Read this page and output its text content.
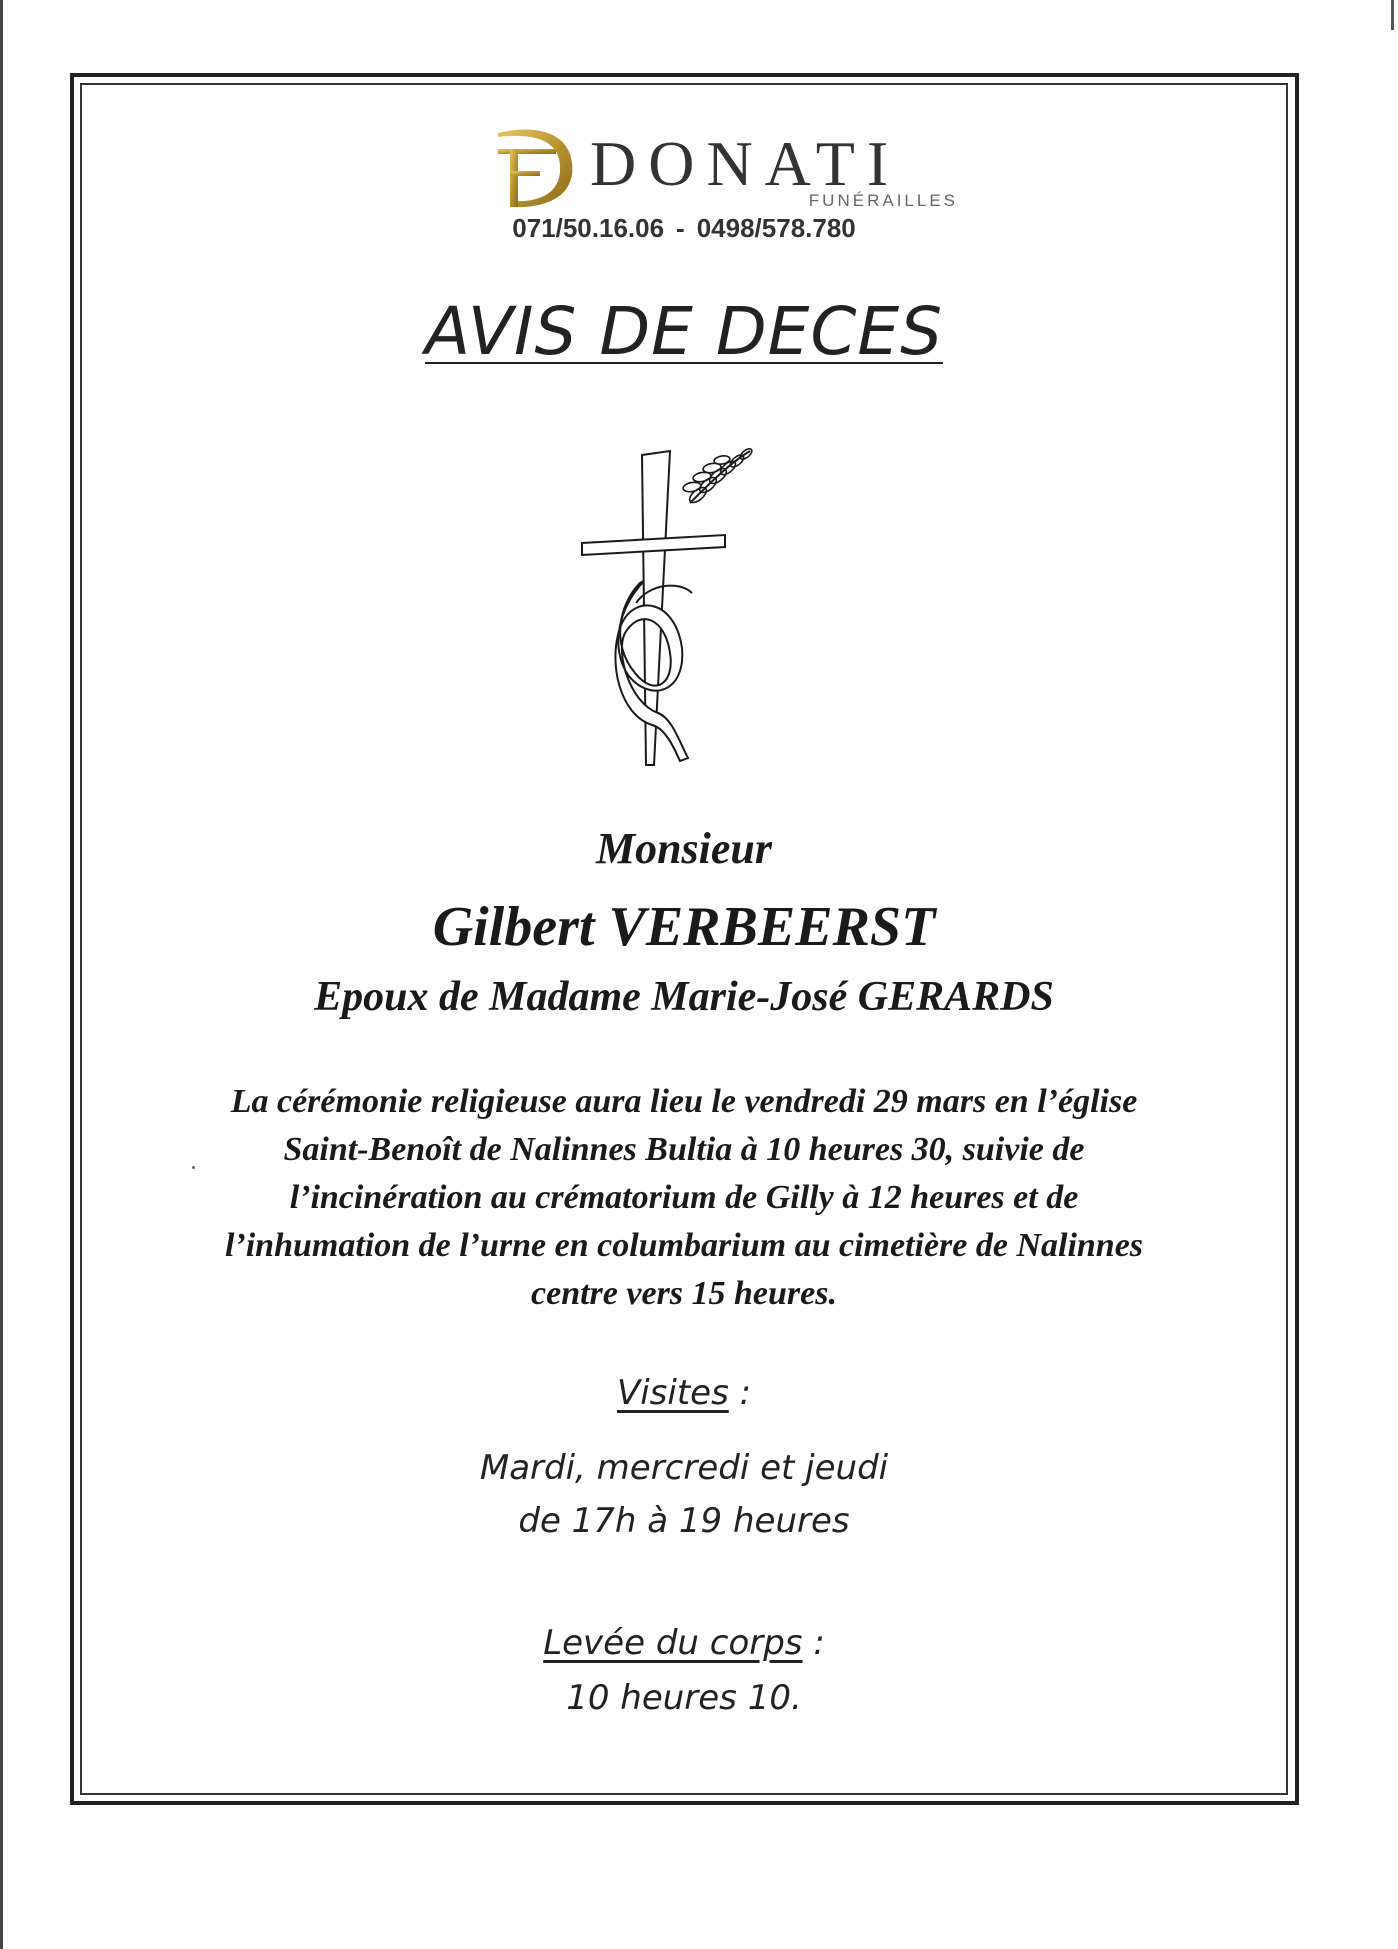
DONATI
FUNÉRAILLES
071/50.16.06 - 0498/578.780
AVIS DE DECES
Monsieur
Gilbert VERBEERST
Epoux de Madame Marie-José GERARDS
La cérémonie religieuse aura lieu le vendredi 29 mars en l’église
Saint-Benoît de Nalinnes Bultia à 10 heures 30, suivie de
l’incinération au crématorium de Gilly à 12 heures et de
l’inhumation de l’urne en columbarium au cimetière de Nalinnes
centre vers 15 heures.
Visites :
Mardi, mercredi et jeudi
de 17h à 19 heures
Levée du corps :
10 heures 10.
